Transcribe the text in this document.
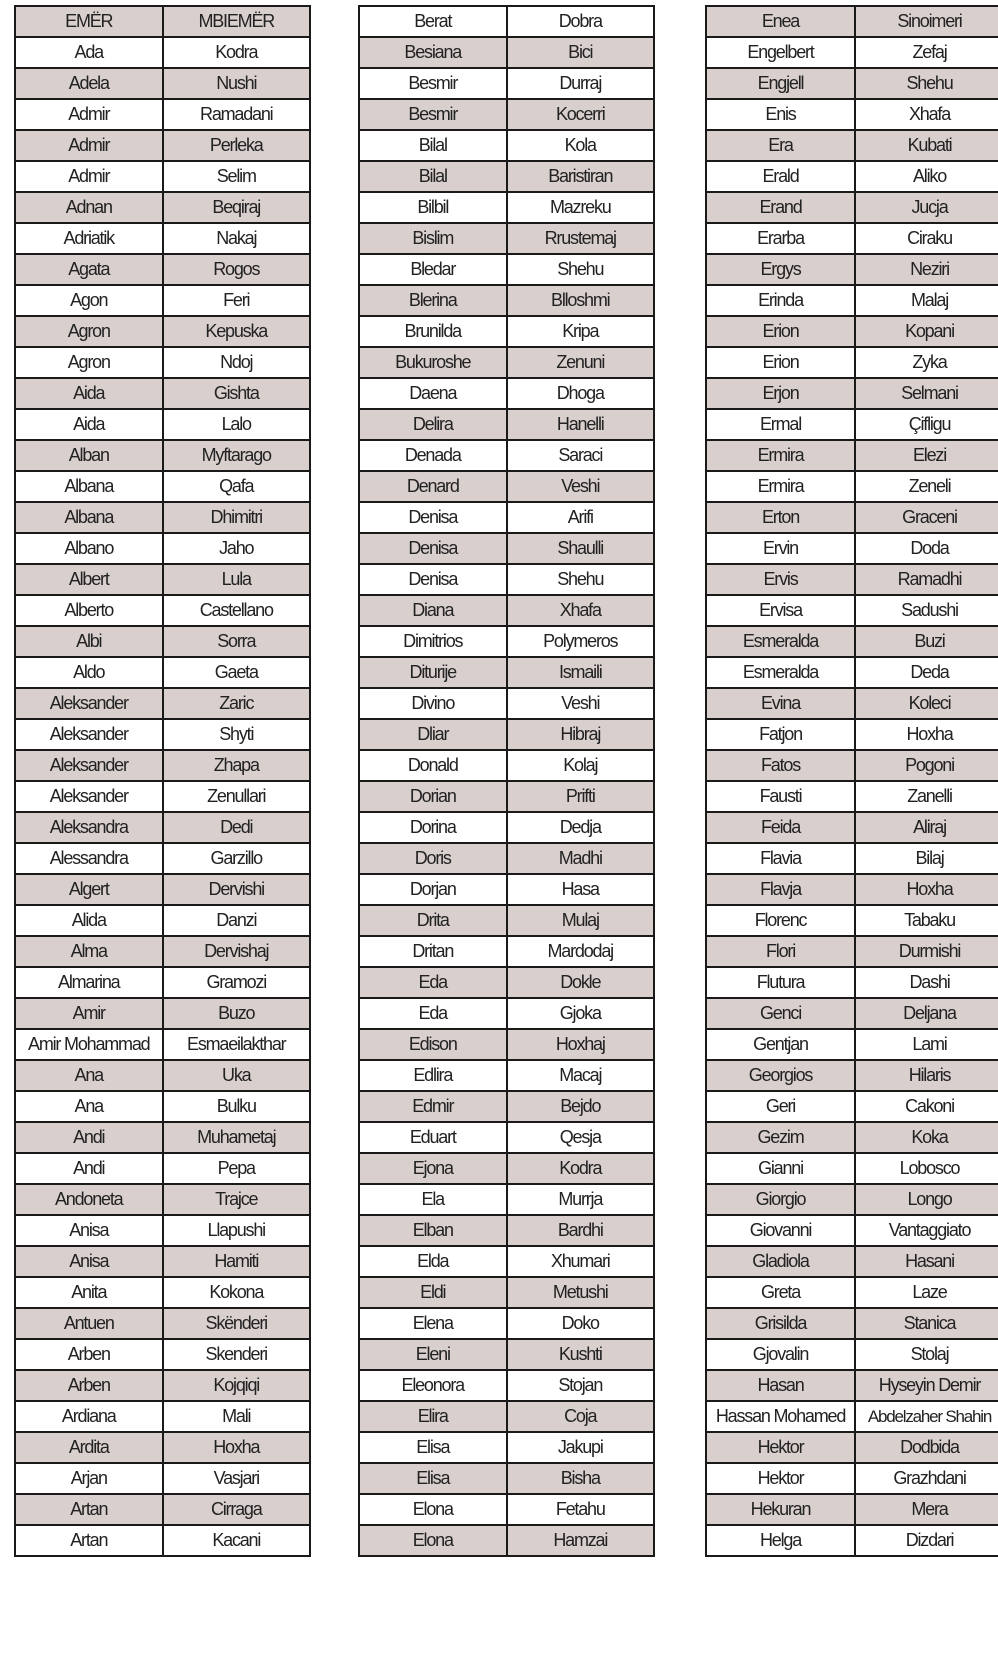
EMËR	MBIEMËR
Ada	Kodra
Adela	Nushi
Admir	Ramadani
Admir	Perleka
Admir	Selim
Adnan	Beqiraj
Adriatik	Nakaj
Agata	Rogos
Agon	Feri
Agron	Kepuska
Agron	Ndoj
Aida	Gishta
Aida	Lalo
Alban	Myftarago
Albana	Qafa
Albana	Dhimitri
Albano	Jaho
Albert	Lula
Alberto	Castellano
Albi	Sorra
Aldo	Gaeta
Aleksander	Zaric
Aleksander	Shyti
Aleksander	Zhapa
Aleksander	Zenullari
Aleksandra	Dedi
Alessandra	Garzillo
Algert	Dervishi
Alida	Danzi
Alma	Dervishaj
Almarina	Gramozi
Amir	Buzo
Amir Mohammad	Esmaeilakthar
Ana	Uka
Ana	Bulku
Andi	Muhametaj
Andi	Pepa
Andoneta	Trajce
Anisa	Llapushi
Anisa	Hamiti
Anita	Kokona
Antuen	Skënderi
Arben	Skenderi
Arben	Kojqiqi
Ardiana	Mali
Ardita	Hoxha
Arjan	Vasjari
Artan	Cirraga
Artan	Kacani
Berat	Dobra
Besiana	Bici
Besmir	Durraj
Besmir	Kocerri
Bilal	Kola
Bilal	Baristiran
Bilbil	Mazreku
Bislim	Rrustemaj
Bledar	Shehu
Blerina	Blloshmi
Brunilda	Kripa
Bukuroshe	Zenuni
Daena	Dhoga
Delira	Hanelli
Denada	Saraci
Denard	Veshi
Denisa	Arifi
Denisa	Shaulli
Denisa	Shehu
Diana	Xhafa
Dimitrios	Polymeros
Diturije	Ismaili
Divino	Veshi
Dliar	Hibraj
Donald	Kolaj
Dorian	Prifti
Dorina	Dedja
Doris	Madhi
Dorjan	Hasa
Drita	Mulaj
Dritan	Mardodaj
Eda	Dokle
Eda	Gjoka
Edison	Hoxhaj
Edlira	Macaj
Edmir	Bejdo
Eduart	Qesja
Ejona	Kodra
Ela	Murrja
Elban	Bardhi
Elda	Xhumari
Eldi	Metushi
Elena	Doko
Eleni	Kushti
Eleonora	Stojan
Elira	Coja
Elisa	Jakupi
Elisa	Bisha
Elona	Fetahu
Elona	Hamzai
Enea	Sinoimeri
Engelbert	Zefaj
Engjell	Shehu
Enis	Xhafa
Era	Kubati
Erald	Aliko
Erand	Jucja
Erarba	Ciraku
Ergys	Neziri
Erinda	Malaj
Erion	Kopani
Erion	Zyka
Erjon	Selmani
Ermal	Çifligu
Ermira	Elezi
Ermira	Zeneli
Erton	Graceni
Ervin	Doda
Ervis	Ramadhi
Ervisa	Sadushi
Esmeralda	Buzi
Esmeralda	Deda
Evina	Koleci
Fatjon	Hoxha
Fatos	Pogoni
Fausti	Zanelli
Feida	Aliraj
Flavia	Bilaj
Flavja	Hoxha
Florenc	Tabaku
Flori	Durmishi
Flutura	Dashi
Genci	Deljana
Gentjan	Lami
Georgios	Hilaris
Geri	Cakoni
Gezim	Koka
Gianni	Lobosco
Giorgio	Longo
Giovanni	Vantaggiato
Gladiola	Hasani
Greta	Laze
Grisilda	Stanica
Gjovalin	Stolaj
Hasan	Hyseyin Demir
Hassan Mohamed	Abdelzaher Shahin
Hektor	Dodbida
Hektor	Grazhdani
Hekuran	Mera
Helga	Dizdari
